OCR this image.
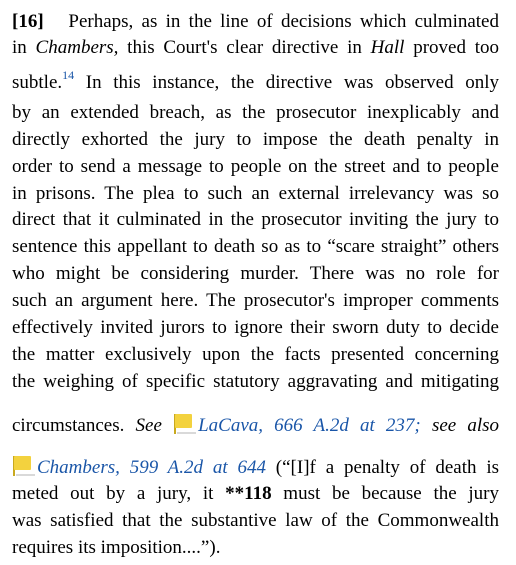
[16] Perhaps, as in the line of decisions which culminated
in Chambers, this Court's clear directive in Hall proved too
subtle.$^{14}$ In this instance, the directive was observed only
by an extended breach, as the prosecutor inexplicably and
directly exhorted the jury to impose the death penalty in
order to send a message to people on the street and to people
in prisons. The plea to such an external irrelevancy was so
direct that it culminated in the prosecutor inviting the jury to
sentence this appellant to death so as to “scare straight” others
who might be considering murder. There was no role for
such an argument here. The prosecutor's improper comments
effectively invited jurors to ignore their sworn duty to decide
the matter exclusively upon the facts presented concerning
the weighing of specific statutory aggravating and mitigating
circumstances. See LaCava, 666 A.2d at 237; see also
Chambers, 599 A.2d at 644 (“[I]f a penalty of death is
meted out by a jury, it **118 must be because the jury
was satisfied that the substantive law of the Commonwealth
requires its imposition....”).
